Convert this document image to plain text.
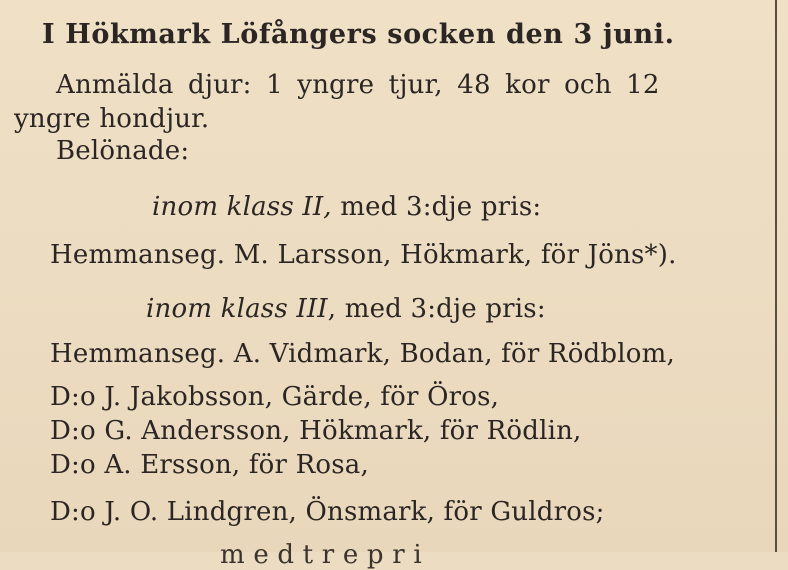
I Hökmark Löfångers socken den 3 juni.
Anmälda djur: 1 yngre tjur, 48 kor och 12
yngre hondjur.
Belönade:
inom klass II, med 3:dje pris:
Hemmanseg. M. Larsson, Hökmark, för Jöns*).
inom klass III, med 3:dje pris:
Hemmanseg. A. Vidmark, Bodan, för Rödblom,
D:o J. Jakobsson, Gärde, för Öros,
D:o G. Andersson, Hökmark, för Rödlin,
D:o A. Ersson, för Rosa,
D:o J. O. Lindgren, Önsmark, för Guldros;
m e d t r e p r i
